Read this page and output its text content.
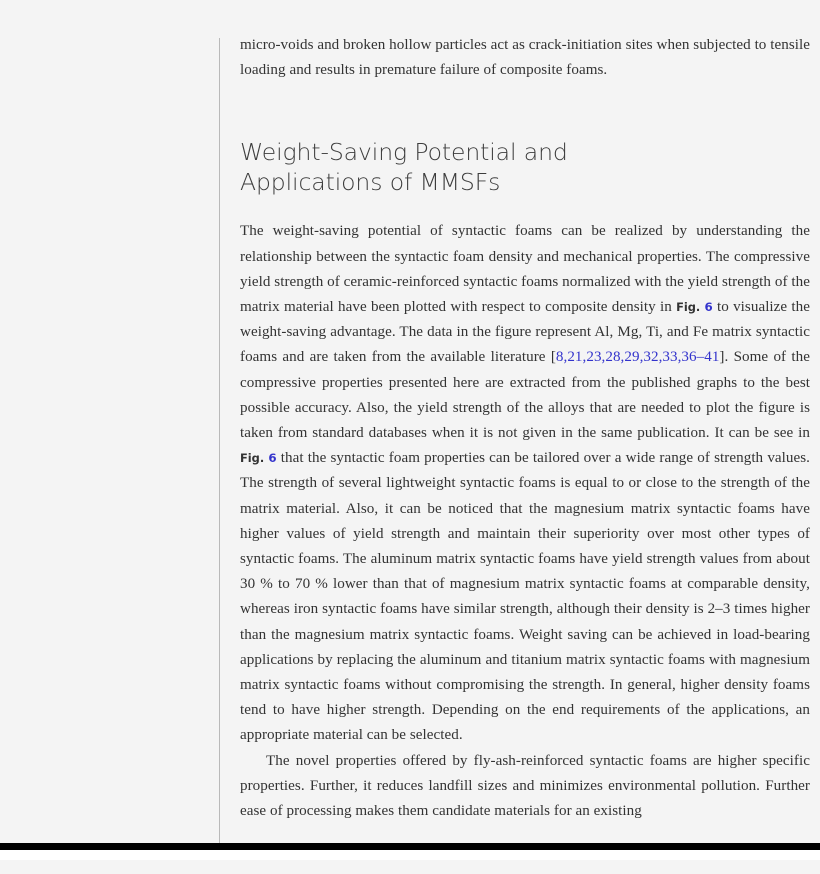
micro-voids and broken hollow particles act as crack-initiation sites when subjected to tensile loading and results in premature failure of composite foams.

Weight-Saving Potential and
Applications of MMSFs

The weight-saving potential of syntactic foams can be realized by understanding the relationship between the syntactic foam density and mechanical properties. The compressive yield strength of ceramic-reinforced syntactic foams normalized with the yield strength of the matrix material have been plotted with respect to composite density in Fig. 6 to visualize the weight-saving advantage. The data in the figure represent Al, Mg, Ti, and Fe matrix syntactic foams and are taken from the available literature [8,21,23,28,29,32,33,36–41]. Some of the compressive properties presented here are extracted from the published graphs to the best possible accuracy. Also, the yield strength of the alloys that are needed to plot the figure is taken from standard databases when it is not given in the same publication. It can be see in Fig. 6 that the syntactic foam properties can be tailored over a wide range of strength values. The strength of several lightweight syntactic foams is equal to or close to the strength of the matrix material. Also, it can be noticed that the magnesium matrix syntactic foams have higher values of yield strength and maintain their superiority over most other types of syntactic foams. The aluminum matrix syntactic foams have yield strength values from about 30 % to 70 % lower than that of magnesium matrix syntactic foams at comparable density, whereas iron syntactic foams have similar strength, although their density is 2–3 times higher than the magnesium matrix syntactic foams. Weight saving can be achieved in load-bearing applications by replacing the aluminum and titanium matrix syntactic foams with magnesium matrix syntactic foams without compromising the strength. In general, higher density foams tend to have higher strength. Depending on the end requirements of the applications, an appropriate material can be selected.

The novel properties offered by fly-ash-reinforced syntactic foams are higher specific properties. Further, it reduces landfill sizes and minimizes environmental pollution. Further ease of processing makes them candidate materials for an existing
